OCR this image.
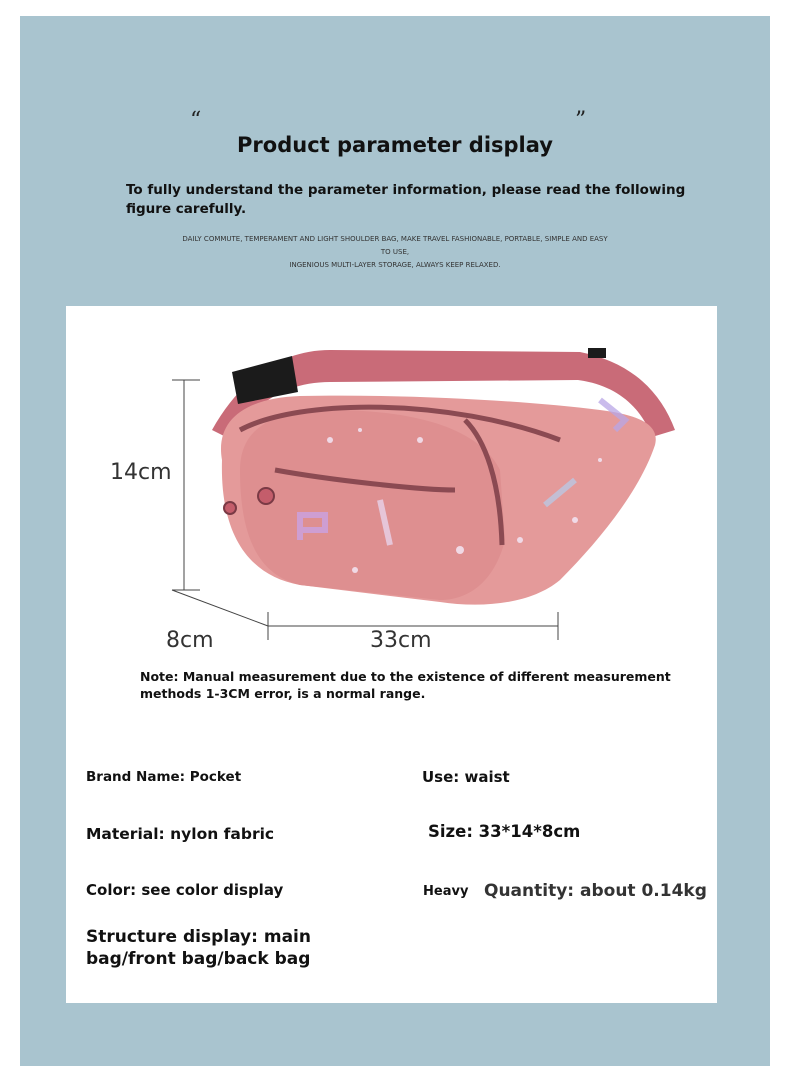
“	”
Product parameter display
To fully understand the parameter information, please read the following figure carefully.
DAILY COMMUTE, TEMPERAMENT AND LIGHT SHOULDER BAG, MAKE TRAVEL FASHIONABLE, PORTABLE, SIMPLE AND EASY TO USE,
INGENIOUS MULTI-LAYER STORAGE, ALWAYS KEEP RELAXED.
14cm
8cm	33cm
Note: Manual measurement due to the existence of different measurement methods 1-3CM error, is a normal range.
Brand Name: Pocket	Use: waist
Material: nylon fabric	Size: 33*14*8cm
Color: see color display	Heavy Quantity: about 0.14kg
Structure display: main bag/front bag/back bag
